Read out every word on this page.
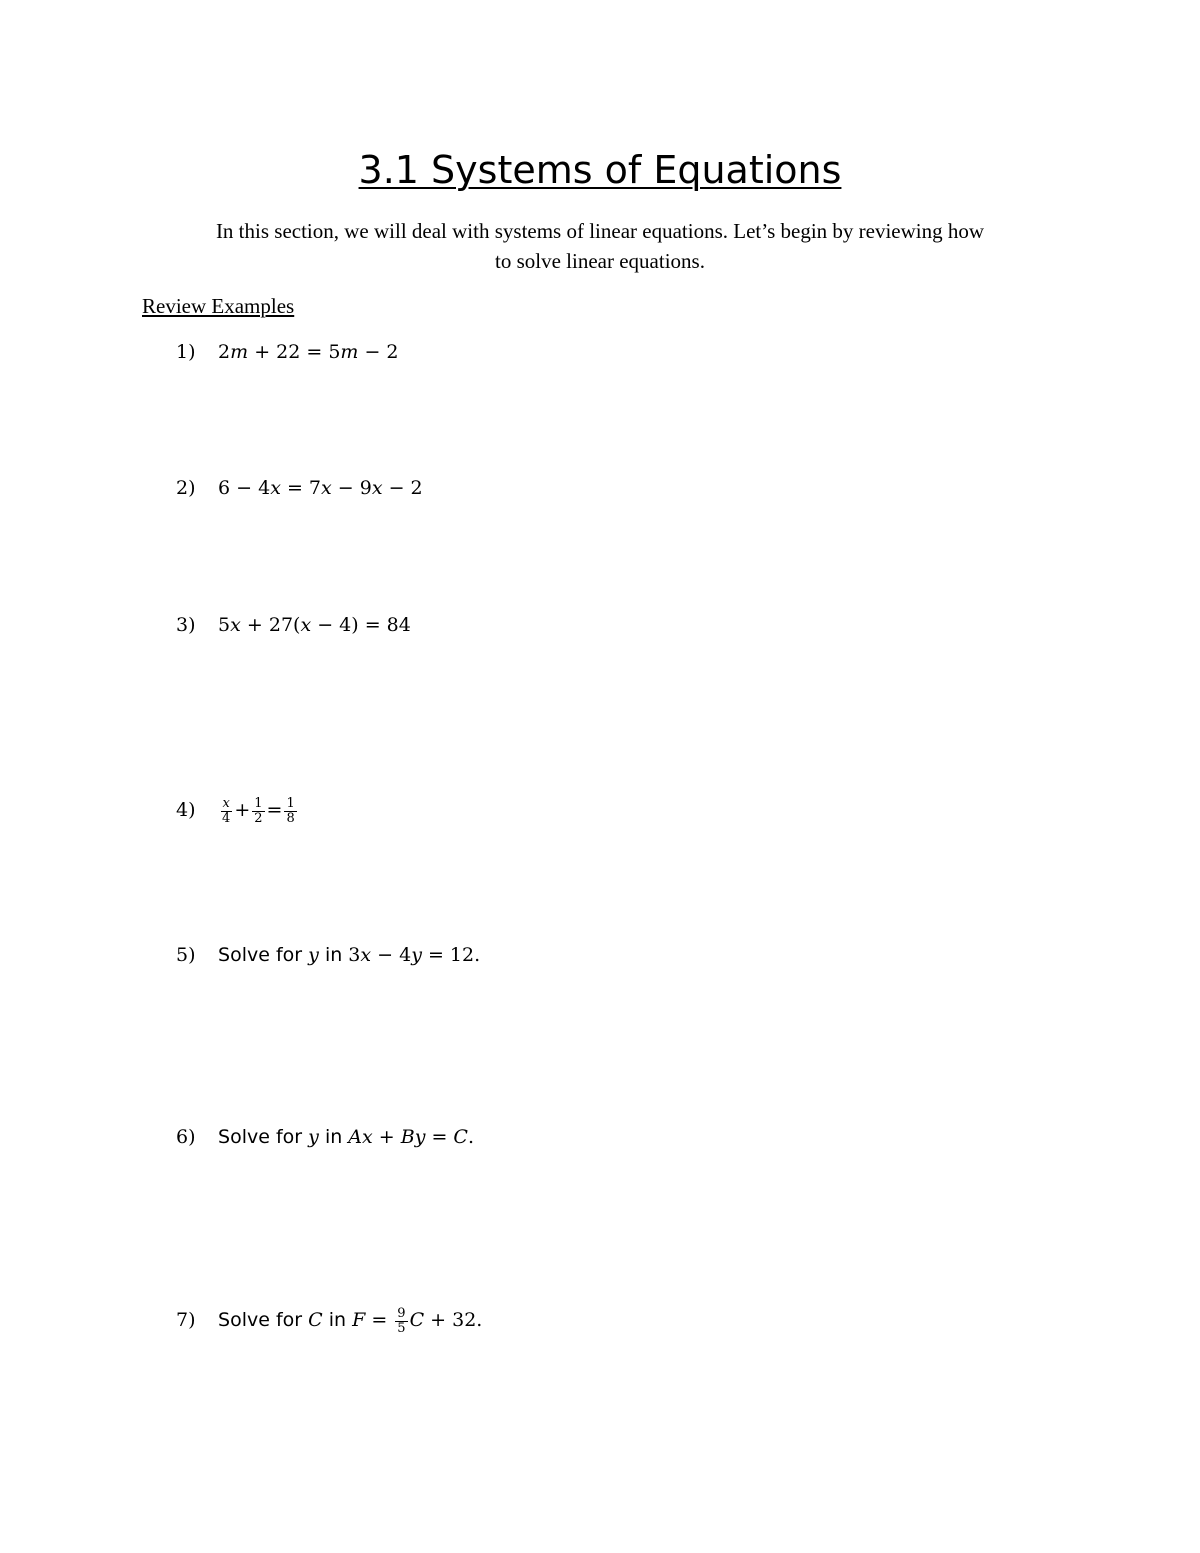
3.1 Systems of Equations
In this section, we will deal with systems of linear equations. Let’s begin by reviewing how
to solve linear equations.
Review Examples
1) 2𝑚 + 22 = 5𝑚 − 2
2) 6 − 4𝑥 = 7𝑥 − 9𝑥 − 2
3) 5𝑥 + 27(𝑥 − 4) = 84
$4) \frac{\text{𝑥}}{4} + \frac{1}{2} = \frac{1}{8}$
5) Solve for 𝑦 in 3𝑥 − 4𝑦 = 12.
6) Solve for 𝑦 in 𝐴𝑥 + 𝐵𝑦 = 𝐶.
7) Solve for 𝐶 in 𝐹 = $\frac{9}{5}$ 𝐶 + 32.
